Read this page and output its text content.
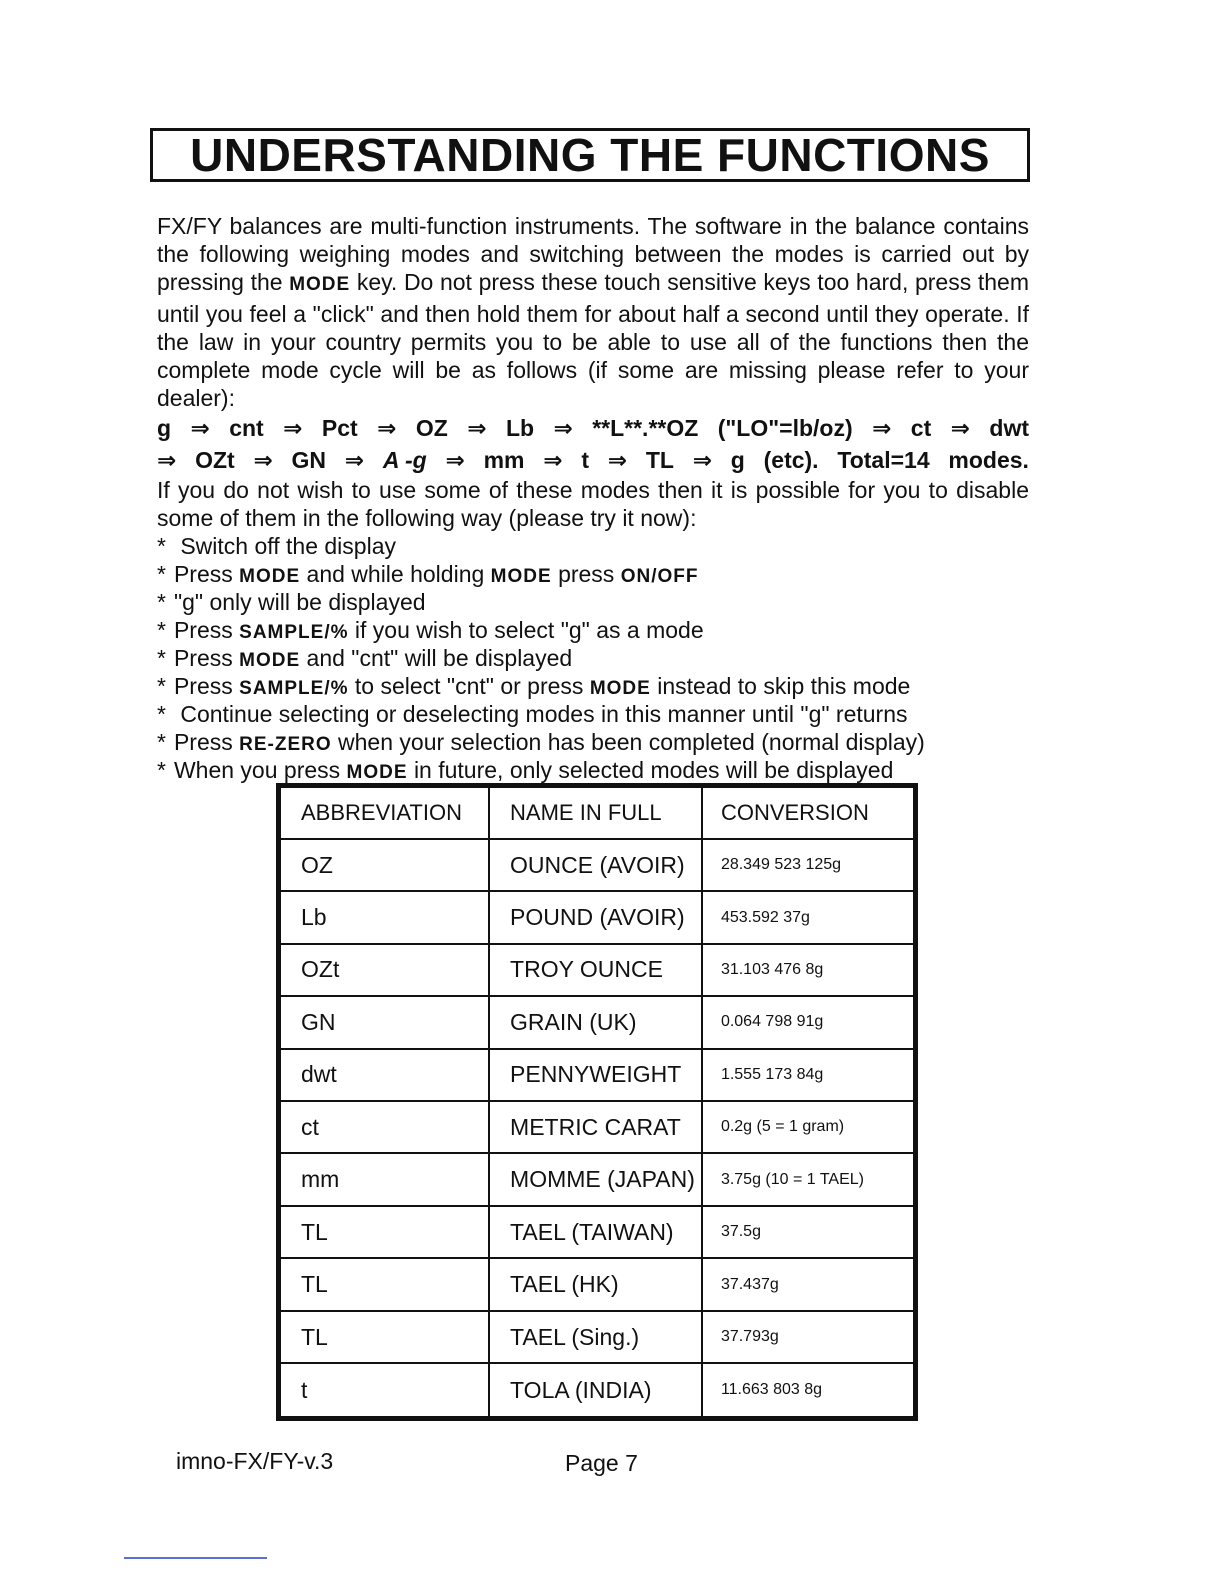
UNDERSTANDING THE FUNCTIONS

FX/FY balances are multi-function instruments. The software in the balance contains the following weighing modes and switching between the modes is carried out by pressing the MODE key. Do not press these touch sensitive keys too hard, press them until you feel a "click" and then hold them for about half a second until they operate. If the law in your country permits you to be able to use all of the functions then the complete mode cycle will be as follows (if some are missing please refer to your dealer):

g ⇒ cnt ⇒ Pct ⇒ OZ ⇒ Lb ⇒ **L**.**OZ ("LO"=lb/oz) ⇒ ct ⇒ dwt
⇒ OZt ⇒ GN ⇒ A -g ⇒ mm ⇒ t ⇒ TL ⇒ g (etc). Total=14 modes.

If you do not wish to use some of these modes then it is possible for you to disable some of them in the following way (please try it now):

* Switch off the display
* Press MODE and while holding MODE press ON/OFF
* "g" only will be displayed
* Press SAMPLE/% if you wish to select "g" as a mode
* Press MODE and "cnt" will be displayed
* Press SAMPLE/% to select "cnt" or press MODE instead to skip this mode
* Continue selecting or deselecting modes in this manner until "g" returns
* Press RE-ZERO when your selection has been completed (normal display)
* When you press MODE in future, only selected modes will be displayed
ABBREVIATION	NAME IN FULL	CONVERSION
OZ	OUNCE (AVOIR)	28.349 523 125g
Lb	POUND (AVOIR)	453.592 37g
OZt	TROY OUNCE	31.103 476 8g
GN	GRAIN (UK)	0.064 798 91g
dwt	PENNYWEIGHT	1.555 173 84g
ct	METRIC CARAT	0.2g (5 = 1 gram)
mm	MOMME (JAPAN)	3.75g (10 = 1 TAEL)
TL	TAEL (TAIWAN)	37.5g
TL	TAEL (HK)	37.437g
TL	TAEL (Sing.)	37.793g
t	TOLA (INDIA)	11.663 803 8g
imno-FX/FY-v.3	Page 7
